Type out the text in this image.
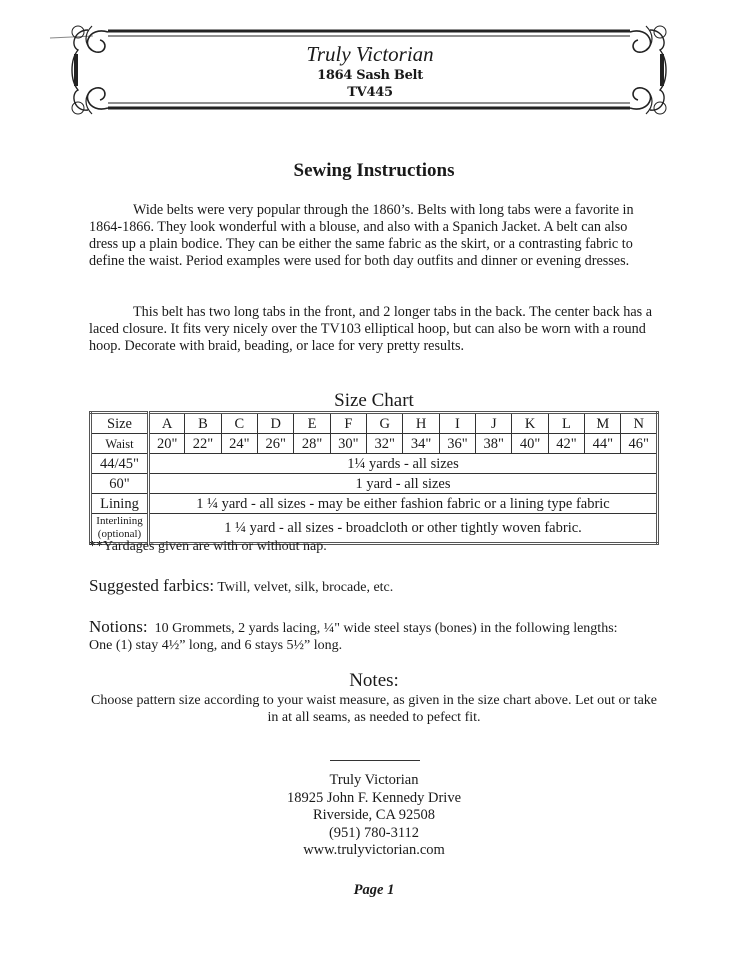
Truly Victorian
1864 Sash Belt
TV445
Sewing Instructions
Wide belts were very popular through the 1860’s. Belts with long tabs were a favorite in 1864-1866. They look wonderful with a blouse, and also with a Spanich Jacket. A belt can also dress up a plain bodice. They can be either the same fabric as the skirt, or a contrasting fabric to define the waist. Period examples were used for both day outfits and dinner or evening dresses.
This belt has two long tabs in the front, and 2 longer tabs in the back. The center back has a laced closure. It fits very nicely over the TV103 elliptical hoop, but can also be worn with a round hoop. Decorate with braid, beading, or lace for very pretty results.
Size Chart
Size	A	B	C	D	E	F	G	H	I	J	K	L	M	N
Waist	20"	22"	24"	26"	28"	30"	32"	34"	36"	38"	40"	42"	44"	46"
44/45"	1¼ yards - all sizes													
60"	1 yard - all sizes													
Lining	1 ¼ yard - all sizes - may be either fashion fabric or a lining type fabric													
Interlining
(optional)	1 ¼ yard - all sizes - broadcloth or other tightly woven fabric.													
**Yardages given are with or without nap.
Suggested farbics: Twill, velvet, silk, brocade, etc.
Notions: 10 Grommets, 2 yards lacing, ¼" wide steel stays (bones) in the following lengths:
One (1) stay 4½” long, and 6 stays 5½” long.
Notes:
Choose pattern size according to your waist measure, as given in the size chart above. Let out or take in at all seams, as needed to pefect fit.
Truly Victorian
18925 John F. Kennedy Drive
Riverside, CA 92508
(951) 780-3112
www.trulyvictorian.com
Page 1
